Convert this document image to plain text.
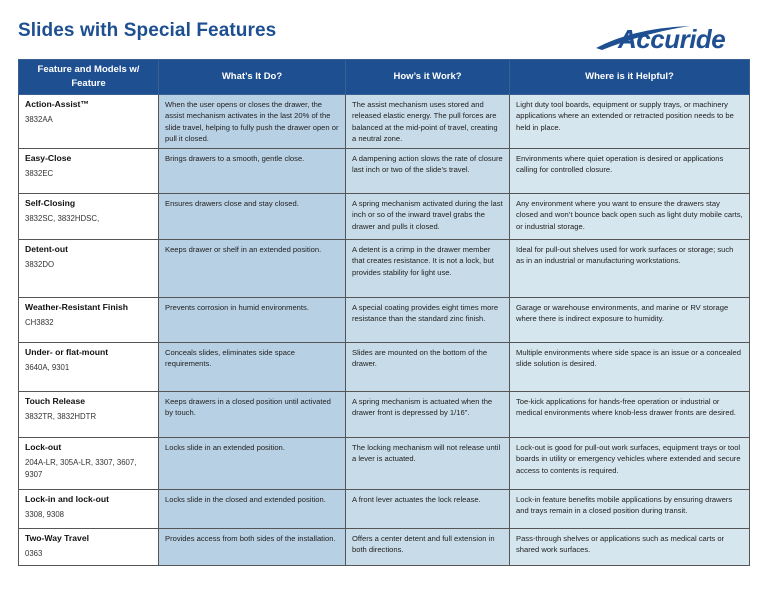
Slides with Special Features	Accuride
Feature and Models w/ Feature	What’s It Do?	How’s it Work?	Where is it Helpful?

Action-Assist™
3832AA	When the user opens or closes the drawer, the assist mechanism activates in the last 20% of the slide travel, helping to fully push the drawer open or pull it closed.	The assist mechanism uses stored and released elastic energy. The pull forces are balanced at the mid-point of travel, creating a neutral zone.	Light duty tool boards, equipment or supply trays, or machinery applications where an extended or retracted position needs to be held in place.

Easy-Close
3832EC	Brings drawers to a smooth, gentle close.	A dampening action slows the rate of closure last inch or two of the slide’s travel.	Environments where quiet operation is desired or applications calling for controlled closure.

Self-Closing
3832SC, 3832HDSC,	Ensures drawers close and stay closed.	A spring mechanism activated during the last inch or so of the inward travel grabs the drawer and pulls it closed.	Any environment where you want to ensure the drawers stay closed and won’t bounce back open such as light duty mobile carts, or industrial storage.

Detent-out
3832DO	Keeps drawer or shelf in an extended position.	A detent is a crimp in the drawer member that creates resistance. It is not a lock, but provides stability for light use.	Ideal for pull-out shelves used for work surfaces or storage; such as in an industrial or manufacturing workstations.

Weather-Resistant Finish
CH3832	Prevents corrosion in humid environments.	A special coating provides eight times more resistance than the standard zinc finish.	Garage or warehouse environments, and marine or RV storage where there is indirect exposure to humidity.

Under- or flat-mount
3640A, 9301	Conceals slides, eliminates side space requirements.	Slides are mounted on the bottom of the drawer.	Multiple environments where side space is an issue or a concealed slide solution is desired.

Touch Release
3832TR, 3832HDTR	Keeps drawers in a closed position until activated by touch.	A spring mechanism is actuated when the drawer front is depressed by 1/16".	Toe-kick applications for hands-free operation or industrial or medical environments where knob-less drawer fronts are desired.

Lock-out
204A-LR, 305A-LR, 3307, 3607, 9307	Locks slide in an extended position.	The locking mechanism will not release until a lever is actuated.	Lock-out is good for pull-out work surfaces, equipment trays or tool boards in utility or emergency vehicles where extended and secure access to contents is required.

Lock-in and lock-out
3308, 9308	Locks slide in the closed and extended position.	A front lever actuates the lock release.	Lock-in feature benefits mobile applications by ensuring drawers and trays remain in a closed position during transit.

Two-Way Travel
0363	Provides access from both sides of the installation.	Offers a center detent and full extension in both directions.	Pass-through shelves or applications such as medical carts or shared work surfaces.
